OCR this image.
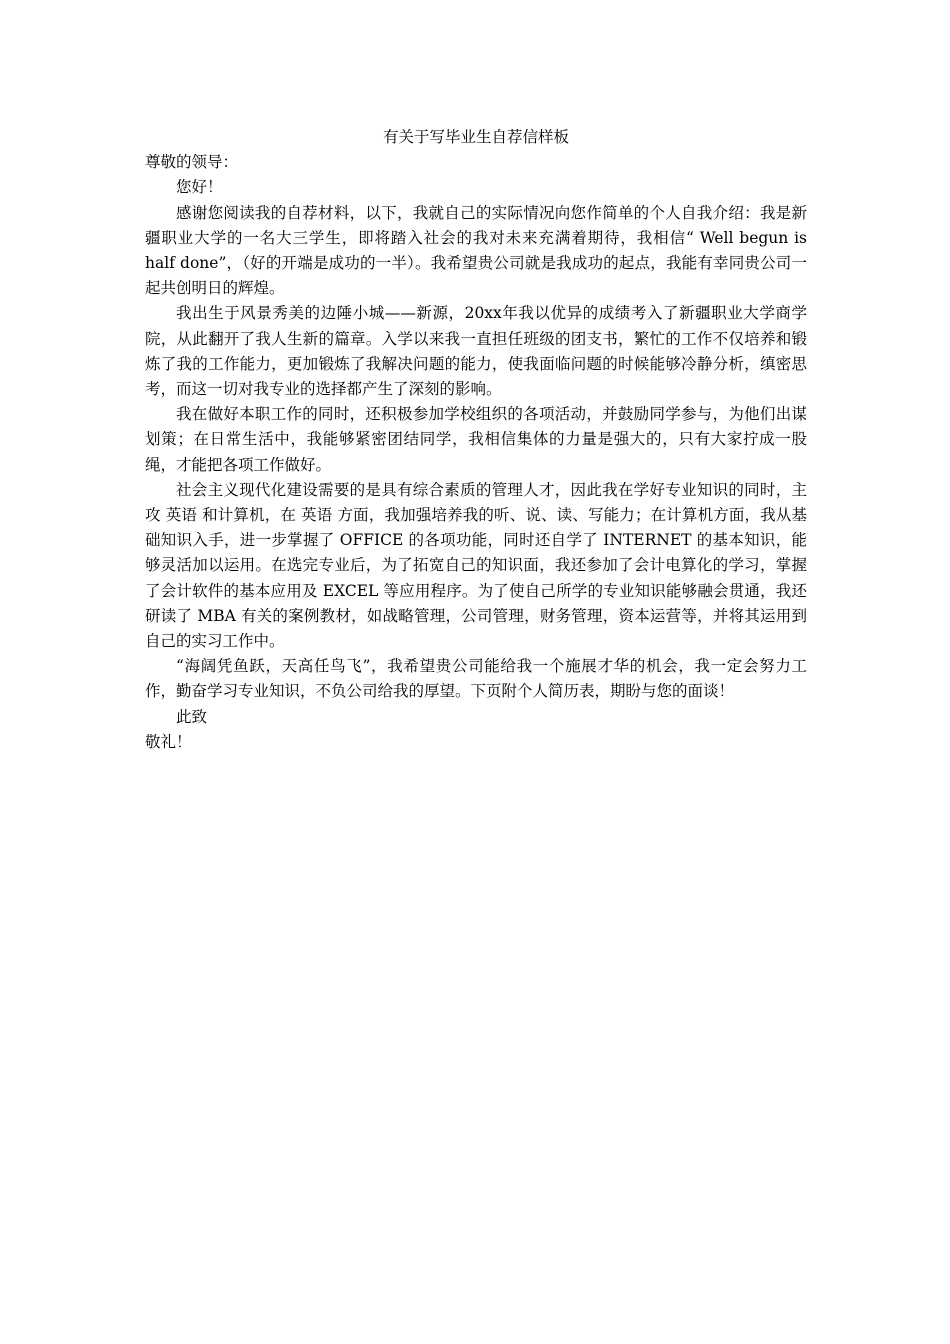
有关于写毕业生自荐信样板

尊敬的领导：

您好！

感谢您阅读我的自荐材料，以下，我就自己的实际情况向您作简单的个人自我介绍：我是新疆职业大学的一名大三学生，即将踏入社会的我对未来充满着期待，我相信“ Well begun is half done”，（好的开端是成功的一半）。我希望贵公司就是我成功的起点，我能有幸同贵公司一起共创明日的辉煌。

我出生于风景秀美的边陲小城——新源，20xx年我以优异的成绩考入了新疆职业大学商学院，从此翻开了我人生新的篇章。入学以来我一直担任班级的团支书，繁忙的工作不仅培养和锻炼了我的工作能力，更加锻炼了我解决问题的能力，使我面临问题的时候能够冷静分析，缜密思考，而这一切对我专业的选择都产生了深刻的影响。

我在做好本职工作的同时，还积极参加学校组织的各项活动，并鼓励同学参与，为他们出谋划策；在日常生活中，我能够紧密团结同学，我相信集体的力量是强大的，只有大家拧成一股绳，才能把各项工作做好。

社会主义现代化建设需要的是具有综合素质的管理人才，因此我在学好专业知识的同时，主攻 英语 和计算机，在 英语 方面，我加强培养我的听、说、读、写能力；在计算机方面，我从基础知识入手，进一步掌握了 OFFICE 的各项功能，同时还自学了 INTERNET 的基本知识，能够灵活加以运用。在选完专业后，为了拓宽自己的知识面，我还参加了会计电算化的学习，掌握了会计软件的基本应用及 EXCEL 等应用程序。为了使自己所学的专业知识能够融会贯通，我还研读了 MBA 有关的案例教材，如战略管理，公司管理，财务管理，资本运营等，并将其运用到自己的实习工作中。

“海阔凭鱼跃，天高任鸟飞”，我希望贵公司能给我一个施展才华的机会，我一定会努力工作，勤奋学习专业知识，不负公司给我的厚望。下页附个人简历表，期盼与您的面谈！

此致

敬礼！
